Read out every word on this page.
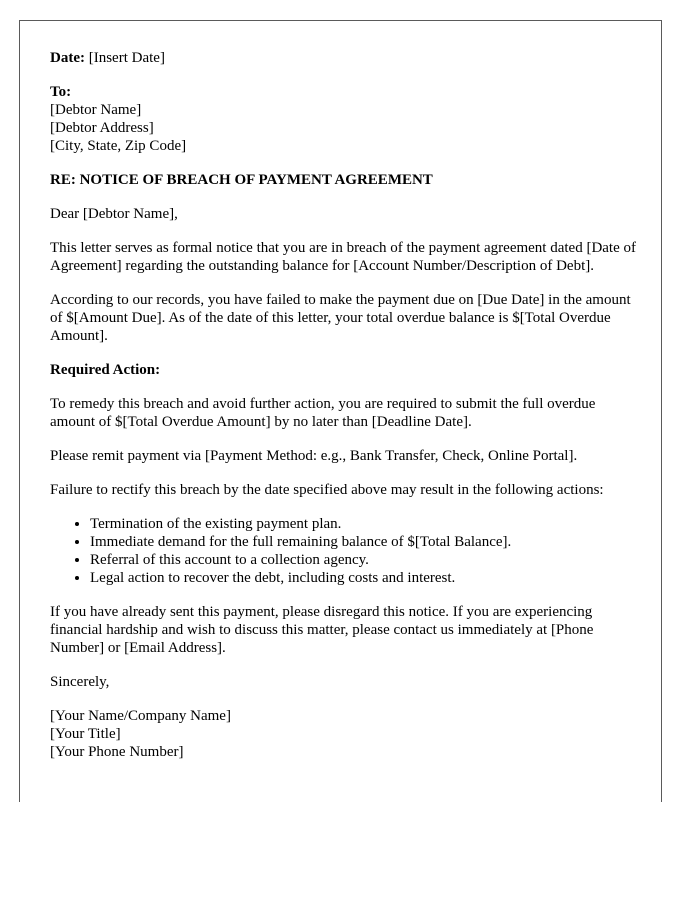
Date: [Insert Date]

To:
[Debtor Name]
[Debtor Address]
[City, State, Zip Code]

RE: NOTICE OF BREACH OF PAYMENT AGREEMENT

Dear [Debtor Name],

This letter serves as formal notice that you are in breach of the payment agreement dated [Date of Agreement] regarding the outstanding balance for [Account Number/Description of Debt].

According to our records, you have failed to make the payment due on [Due Date] in the amount of $[Amount Due]. As of the date of this letter, your total overdue balance is $[Total Overdue Amount].

Required Action:

To remedy this breach and avoid further action, you are required to submit the full overdue amount of $[Total Overdue Amount] by no later than [Deadline Date].

Please remit payment via [Payment Method: e.g., Bank Transfer, Check, Online Portal].

Failure to rectify this breach by the date specified above may result in the following actions:

• Termination of the existing payment plan.
• Immediate demand for the full remaining balance of $[Total Balance].
• Referral of this account to a collection agency.
• Legal action to recover the debt, including costs and interest.

If you have already sent this payment, please disregard this notice. If you are experiencing financial hardship and wish to discuss this matter, please contact us immediately at [Phone Number] or [Email Address].

Sincerely,

[Your Name/Company Name]
[Your Title]
[Your Phone Number]
